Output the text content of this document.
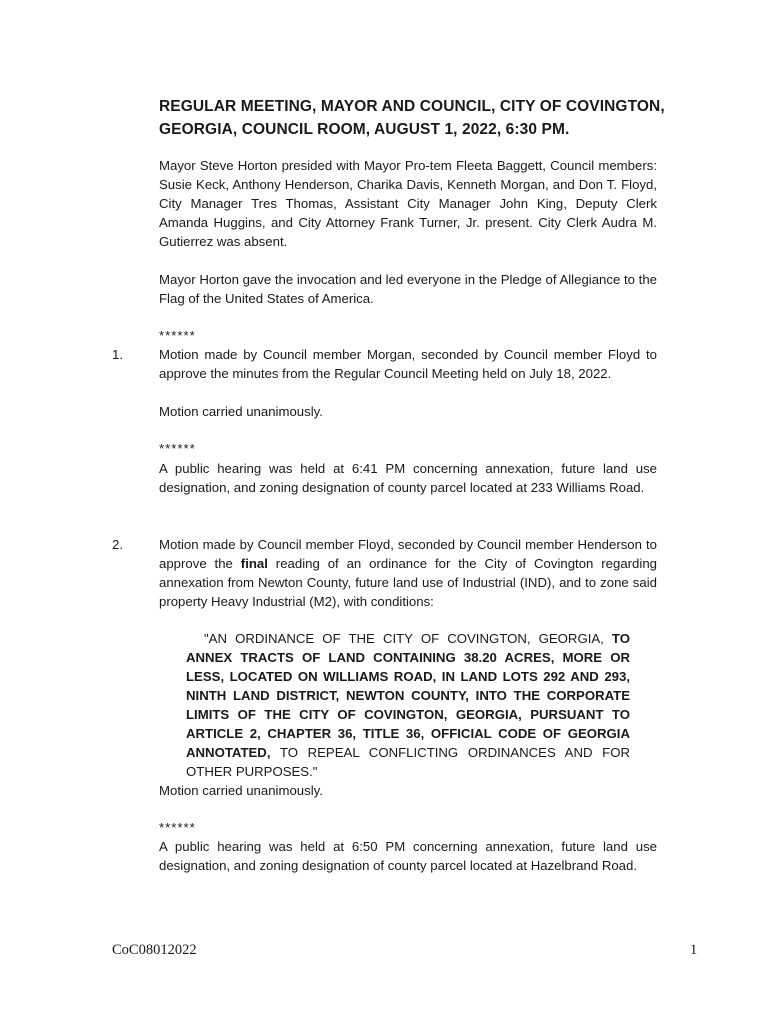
REGULAR MEETING, MAYOR AND COUNCIL, CITY OF COVINGTON, GEORGIA, COUNCIL ROOM, AUGUST 1, 2022, 6:30 PM.
Mayor Steve Horton presided with Mayor Pro-tem Fleeta Baggett, Council members: Susie Keck, Anthony Henderson, Charika Davis, Kenneth Morgan, and Don T. Floyd, City Manager Tres Thomas, Assistant City Manager John King, Deputy Clerk Amanda Huggins, and City Attorney Frank Turner, Jr. present. City Clerk Audra M. Gutierrez was absent.
Mayor Horton gave the invocation and led everyone in the Pledge of Allegiance to the Flag of the United States of America.
******
1.	Motion made by Council member Morgan, seconded by Council member Floyd to approve the minutes from the Regular Council Meeting held on July 18, 2022.
Motion carried unanimously.
******
A public hearing was held at 6:41 PM concerning annexation, future land use designation, and zoning designation of county parcel located at 233 Williams Road.
2.	Motion made by Council member Floyd, seconded by Council member Henderson to approve the final reading of an ordinance for the City of Covington regarding annexation from Newton County, future land use of Industrial (IND), and to zone said property Heavy Industrial (M2), with conditions:
"AN ORDINANCE OF THE CITY OF COVINGTON, GEORGIA, TO ANNEX TRACTS OF LAND CONTAINING 38.20 ACRES, MORE OR LESS, LOCATED ON WILLIAMS ROAD, IN LAND LOTS 292 AND 293, NINTH LAND DISTRICT, NEWTON COUNTY, INTO THE CORPORATE LIMITS OF THE CITY OF COVINGTON, GEORGIA, PURSUANT TO ARTICLE 2, CHAPTER 36, TITLE 36, OFFICIAL CODE OF GEORGIA ANNOTATED, TO REPEAL CONFLICTING ORDINANCES AND FOR OTHER PURPOSES."
Motion carried unanimously.
******
A public hearing was held at 6:50 PM concerning annexation, future land use designation, and zoning designation of county parcel located at Hazelbrand Road.
CoC08012022	1
